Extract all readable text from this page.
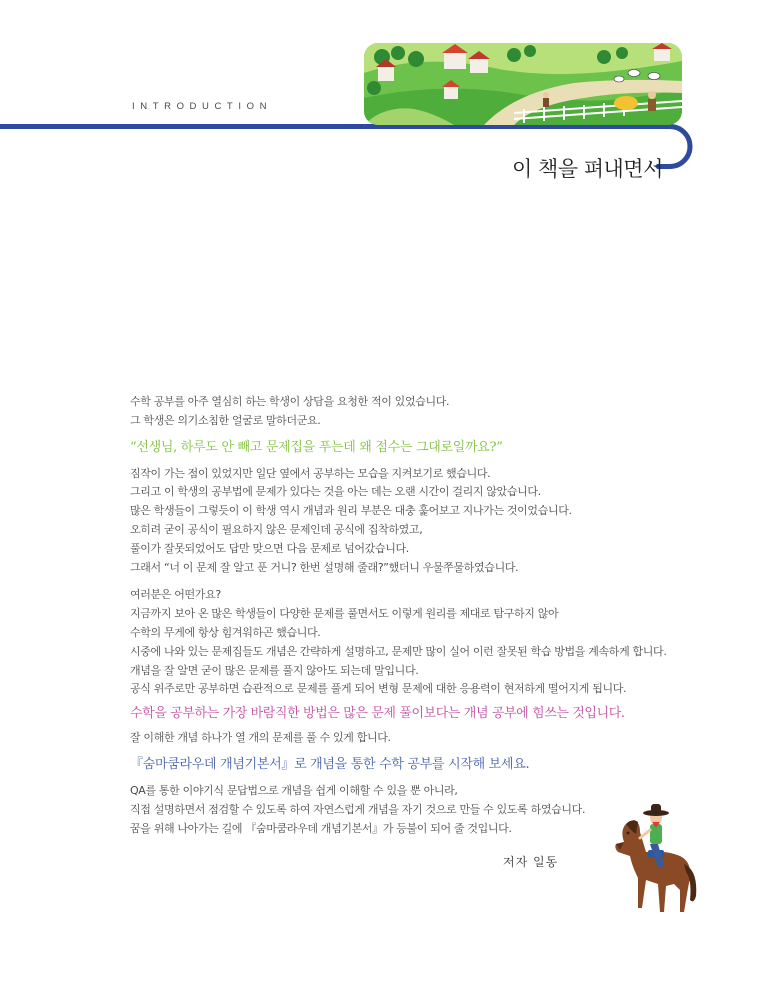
INTRODUCTION
이 책을 펴내면서
수학 공부를 아주 열심히 하는 학생이 상담을 요청한 적이 있었습니다.
그 학생은 의기소침한 얼굴로 말하더군요.
“선생님, 하루도 안 빼고 문제집을 푸는데 왜 점수는 그대로일까요?”
짐작이 가는 점이 있었지만 일단 옆에서 공부하는 모습을 지켜보기로 했습니다.
그리고 이 학생의 공부법에 문제가 있다는 것을 아는 데는 오랜 시간이 걸리지 않았습니다.
많은 학생들이 그렇듯이 이 학생 역시 개념과 원리 부분은 대충 훑어보고 지나가는 것이었습니다.
오히려 굳이 공식이 필요하지 않은 문제인데 공식에 집착하였고,
풀이가 잘못되었어도 답만 맞으면 다음 문제로 넘어갔습니다.
그래서 “너 이 문제 잘 알고 푼 거니? 한번 설명해 줄래?”했더니 우물쭈물하였습니다.
여러분은 어떤가요?
지금까지 보아 온 많은 학생들이 다양한 문제를 풀면서도 이렇게 원리를 제대로 탐구하지 않아
수학의 무게에 항상 힘겨워하곤 했습니다.
시중에 나와 있는 문제집들도 개념은 간략하게 설명하고, 문제만 많이 실어 이런 잘못된 학습 방법을 계속하게 합니다.
개념을 잘 알면 굳이 많은 문제를 풀지 않아도 되는데 말입니다.
공식 위주로만 공부하면 습관적으로 문제를 풀게 되어 변형 문제에 대한 응용력이 현저하게 떨어지게 됩니다.
수학을 공부하는 가장 바람직한 방법은 많은 문제 풀이보다는 개념 공부에 힘쓰는 것입니다.
잘 이해한 개념 하나가 열 개의 문제를 풀 수 있게 합니다.
『숨마쿰라우데 개념기본서』로 개념을 통한 수학 공부를 시작해 보세요.
QA를 통한 이야기식 문답법으로 개념을 쉽게 이해할 수 있을 뿐 아니라,
직접 설명하면서 점검할 수 있도록 하여 자연스럽게 개념을 자기 것으로 만들 수 있도록 하였습니다.
꿈을 위해 나아가는 길에 『숨마쿰라우데 개념기본서』가 등불이 되어 줄 것입니다.
저자 일동
